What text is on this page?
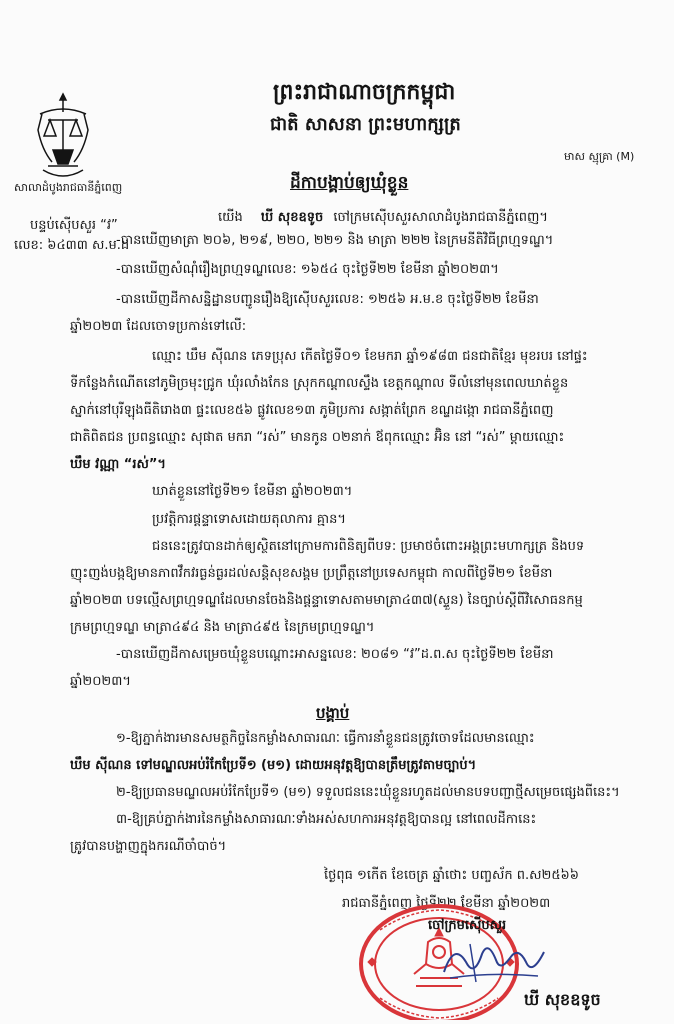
សាលាដំបូងរាជធានីភ្នំពេញ
បន្ទប់ស៊ើបសួរ “វ”
លេខ: ៦៤៣៣ ស.ម.ដ
ព្រះរាជាណាចក្រកម្ពុជា
ជាតិ សាសនា ព្រះមហាក្សត្រ
មាស ស្មុគ្រា (M)
ដីកាបង្គាប់ឲ្យឃុំខ្លួន
យើង ឃី សុខឧទូច ចៅក្រមស៊ើបសួរសាលាដំបូងរាជធានីភ្នំពេញ។
-បានឃើញមាត្រា ២០៦, ២១៩, ២២០, ២២១ និង មាត្រា ២២២ នៃក្រមនីតិវិធីព្រហ្មទណ្ឌ។
-បានឃើញសំណុំរឿងព្រហ្មទណ្ឌលេខ: ១៦៥៤ ចុះថ្ងៃទី២២ ខែមីនា ឆ្នាំ២០២៣។
-បានឃើញដីកាសន្និដ្ឋានបញ្ជូនរឿងឱ្យស៊ើបសួរលេខ: ១២៥៦ អ.ម.ខ ចុះថ្ងៃទី២២ ខែមីនា
ឆ្នាំ២០២៣ ដែលចោទប្រកាន់ទៅលើ:
ឈ្មោះ ឃឹម ស៊ីណន ភេទប្រុស កើតថ្ងៃទី០១ ខែមករា ឆ្នាំ១៩៨៣ ជនជាតិខ្មែរ មុខរបរ នៅផ្ទះ
ទីកន្លែងកំណើតនៅភូមិច្រមុះជ្រូក ឃុំរលាំងកែន ស្រុកកណ្ដាលស្ទឹង ខេត្តកណ្ដាល ទីលំនៅមុនពេលឃាត់ខ្លួន
ស្នាក់នៅបុរីឡុងធីតិរោង៣ ផ្ទះលេខ៥៦ ផ្លូវលេខ១៣ ភូមិប្រការ សង្កាត់ព្រែក ខណ្ឌដង្កោ រាជធានីភ្នំពេញ
ជាតិពិតជន ប្រពន្ធឈ្មោះ សុផាត មករា “រស់” មានកូន ០២នាក់ ឪពុកឈ្មោះ អ៊ិន នៅ “រស់” ម្ដាយឈ្មោះ
ឃឹម វណ្ណា “រស់”។
ឃាត់ខ្លួននៅថ្ងៃទី២១ ខែមីនា ឆ្នាំ២០២៣។
ប្រវត្តិការផ្ដន្ទាទោសដោយតុលាការ គ្មាន។
ជននេះត្រូវបានដាក់ឲ្យស្ថិតនៅក្រោមការពិនិត្យពីបទ: ប្រមាថចំពោះអង្គព្រះមហាក្សត្រ និងបទ
ញុះញង់បង្កឱ្យមានភាពវឹកវរធ្ងន់ធ្ងរដល់សន្តិសុខសង្គម ប្រព្រឹត្តនៅប្រទេសកម្ពុជា កាលពីថ្ងៃទី២១ ខែមីនា
ឆ្នាំ២០២៣ បទល្មើសព្រហ្មទណ្ឌដែលមានចែងនិងផ្ដន្ទាទោសតាមមាត្រា៤៣៧(ស្ទួន) នៃច្បាប់ស្ដីពីវិសោធនកម្ម
ក្រមព្រហ្មទណ្ឌ មាត្រា៤៩៤ និង មាត្រា៤៩៥ នៃក្រមព្រហ្មទណ្ឌ។
-បានឃើញដីកាសម្រេចឃុំខ្លួនបណ្ដោះអាសន្នលេខ: ២០៨១ “វ”ដ.ព.ស ចុះថ្ងៃទី២២ ខែមីនា
ឆ្នាំ២០២៣។
បង្គាប់
១-ឱ្យភ្នាក់ងារមានសមត្ថកិច្ចនៃកម្លាំងសាធារណៈ ធ្វើការនាំខ្លួនជនត្រូវចោទដែលមានឈ្មោះ
ឃឹម ស៊ីណន ទៅមណ្ឌលអប់រំកែប្រែទី១ (ម១) ដោយអនុវត្តឱ្យបានត្រឹមត្រូវតាមច្បាប់។
២-ឱ្យប្រធានមណ្ឌលអប់រំកែប្រែទី១ (ម១) ទទួលជននេះឃុំខ្លួនរហូតដល់មានបទបញ្ជាថ្មីសម្រេចផ្សេងពីនេះ។
៣-ឱ្យគ្រប់ភ្នាក់ងារនៃកម្លាំងសាធារណៈទាំងអស់សហការអនុវត្តឱ្យបានល្អ នៅពេលដីកានេះ
ត្រូវបានបង្ហាញក្នុងករណីចាំបាច់។
ថ្ងៃពុធ ១កើត ខែចេត្រ ឆ្នាំថោះ បញ្ចស័ក ព.ស២៥៦៦
រាជធានីភ្នំពេញ ថ្ងៃទី២២ ខែមីនា ឆ្នាំ២០២៣
ចៅក្រមស៊ើបសួរ
ឃី សុខឧទូច
